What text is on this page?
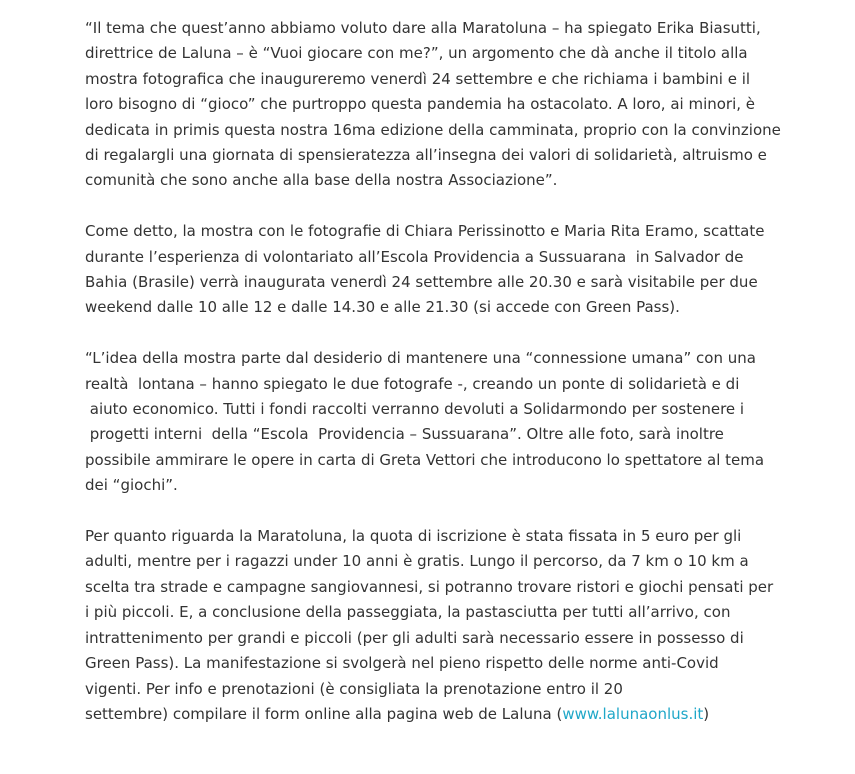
“Il tema che quest’anno abbiamo voluto dare alla Maratoluna – ha spiegato Erika Biasutti,
direttrice de Laluna – è “Vuoi giocare con me?”, un argomento che dà anche il titolo alla
mostra fotografica che inaugureremo venerdì 24 settembre e che richiama i bambini e il
loro bisogno di “gioco” che purtroppo questa pandemia ha ostacolato. A loro, ai minori, è
dedicata in primis questa nostra 16ma edizione della camminata, proprio con la convinzione
di regalargli una giornata di spensieratezza all’insegna dei valori di solidarietà, altruismo e
comunità che sono anche alla base della nostra Associazione”.

Come detto, la mostra con le fotografie di Chiara Perissinotto e Maria Rita Eramo, scattate
durante l’esperienza di volontariato all’Escola Providencia a Sussuarana  in Salvador de
Bahia (Brasile) verrà inaugurata venerdì 24 settembre alle 20.30 e sarà visitabile per due
weekend dalle 10 alle 12 e dalle 14.30 e alle 21.30 (si accede con Green Pass).

“L’idea della mostra parte dal desiderio di mantenere una “connessione umana” con una
realtà  lontana – hanno spiegato le due fotografe -, creando un ponte di solidarietà e di
aiuto economico. Tutti i fondi raccolti verranno devoluti a Solidarmondo per sostenere i
progetti interni  della “Escola  Providencia – Sussuarana”. Oltre alle foto, sarà inoltre
possibile ammirare le opere in carta di Greta Vettori che introducono lo spettatore al tema
dei “giochi”.

Per quanto riguarda la Maratoluna, la quota di iscrizione è stata fissata in 5 euro per gli
adulti, mentre per i ragazzi under 10 anni è gratis. Lungo il percorso, da 7 km o 10 km a
scelta tra strade e campagne sangiovannesi, si potranno trovare ristori e giochi pensati per
i più piccoli. E, a conclusione della passeggiata, la pastasciutta per tutti all’arrivo, con
intrattenimento per grandi e piccoli (per gli adulti sarà necessario essere in possesso di
Green Pass). La manifestazione si svolgerà nel pieno rispetto delle norme anti-Covid
vigenti. Per info e prenotazioni (è consigliata la prenotazione entro il 20
settembre) compilare il form online alla pagina web de Laluna (www.lalunaonlus.it)
